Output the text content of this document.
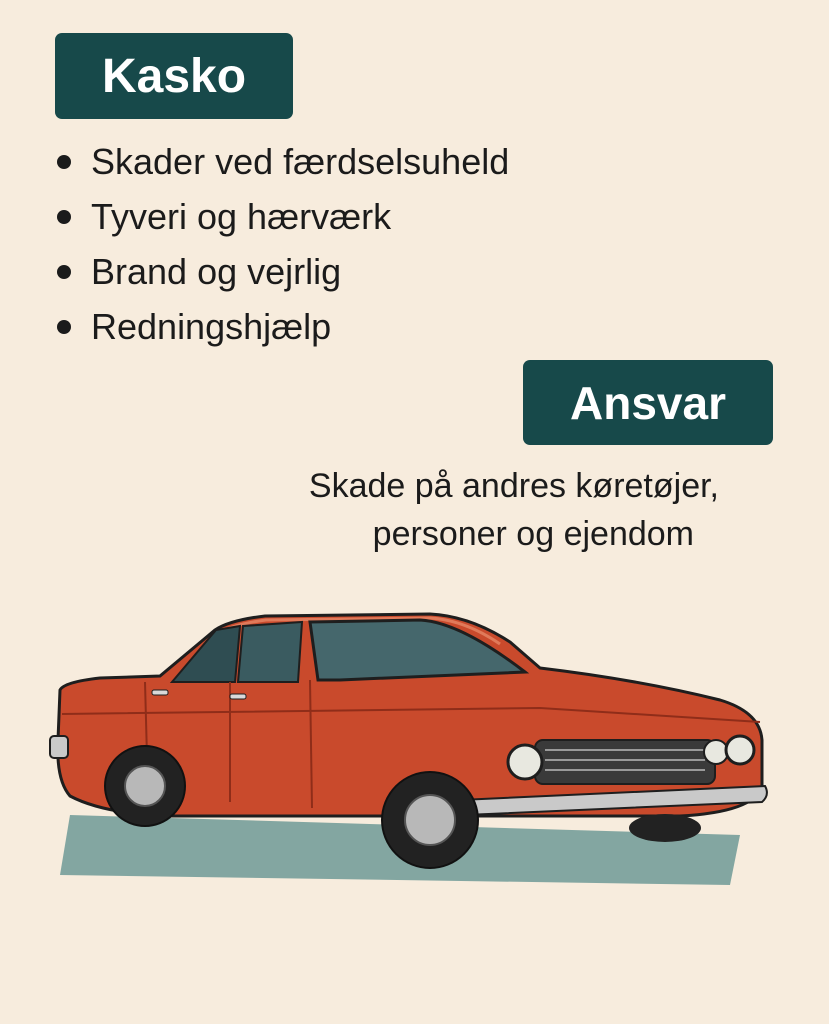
Kasko
Skader ved færdselsuheld
Tyveri og hærværk
Brand og vejrlig
Redningshjælp
Ansvar
Skade på andres køretøjer,
personer og ejendom
